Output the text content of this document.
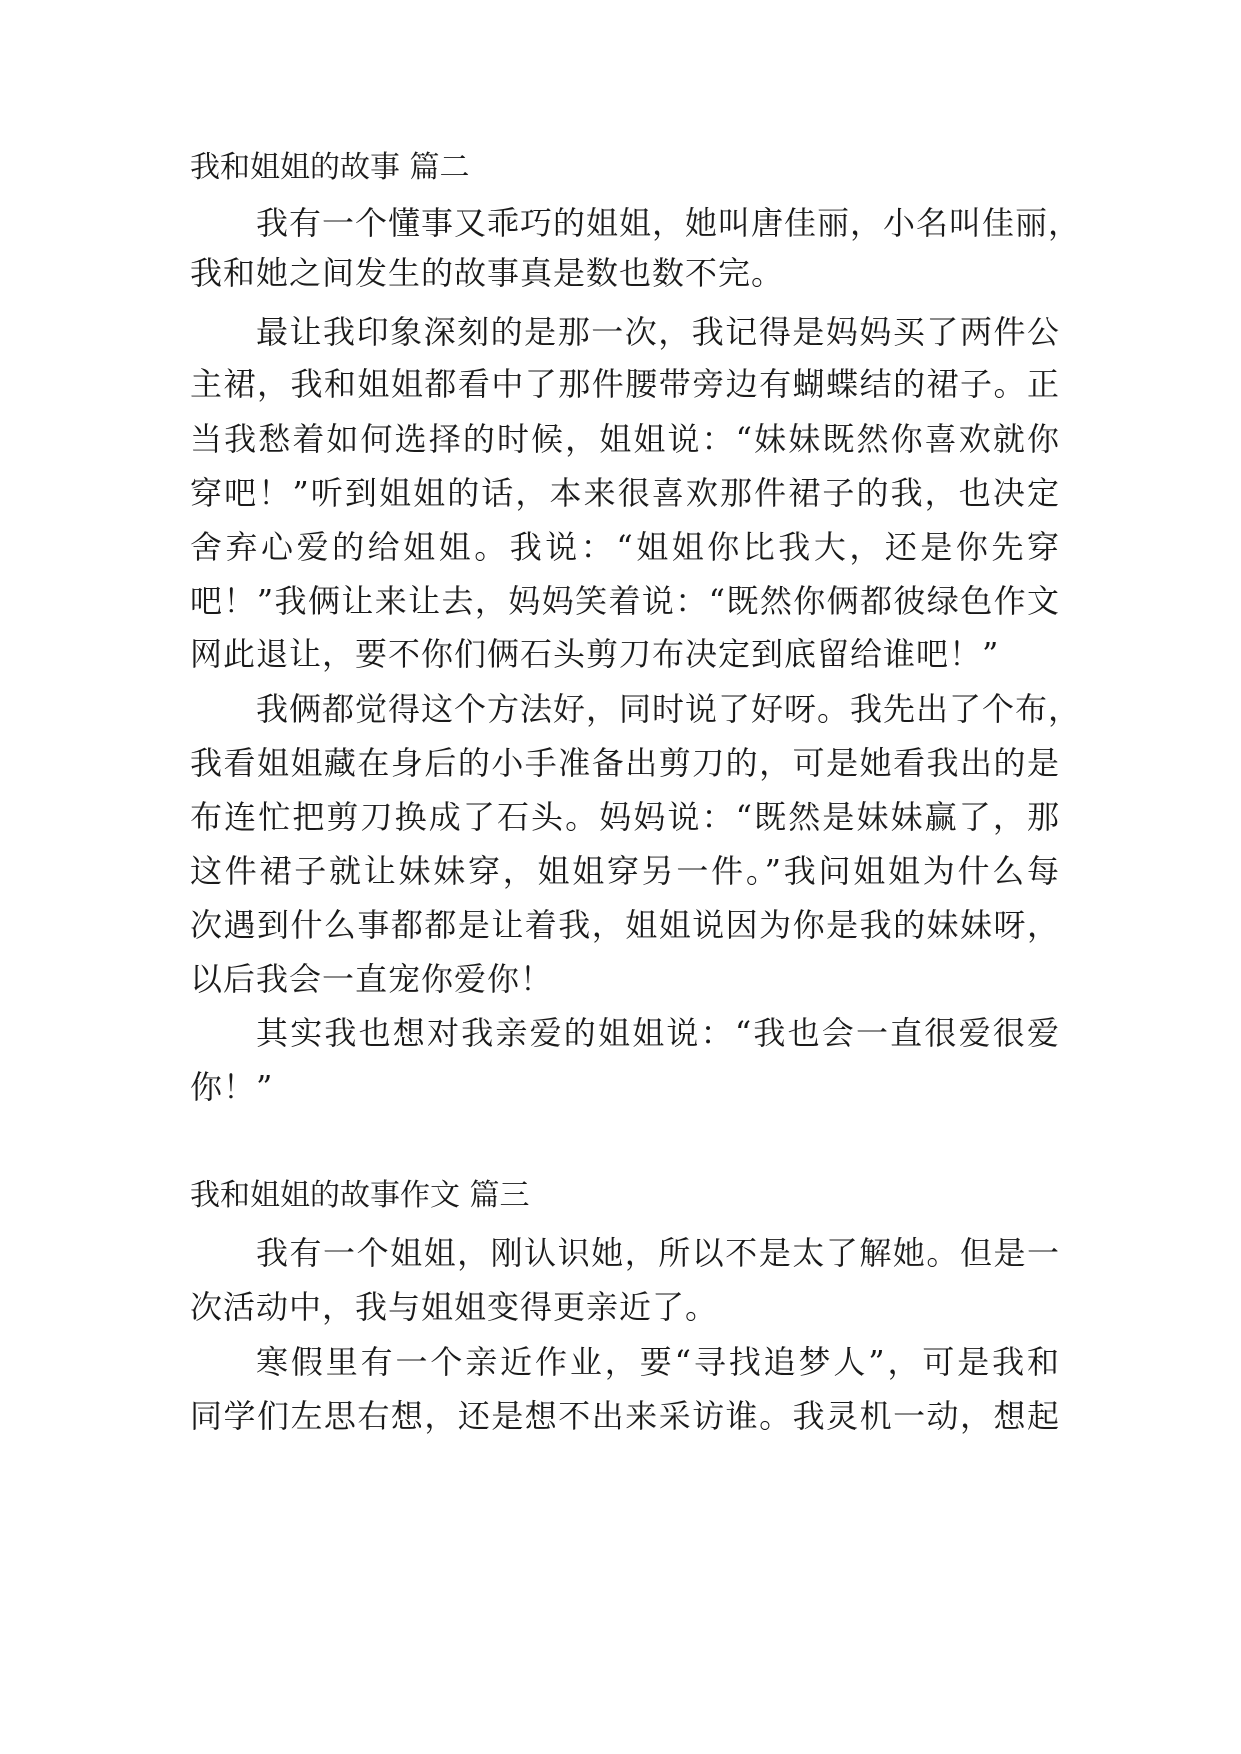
我和姐姐的故事 篇二
我有一个懂事又乖巧的姐姐，她叫唐佳丽，小名叫佳丽，
我和她之间发生的故事真是数也数不完。
最让我印象深刻的是那一次，我记得是妈妈买了两件公
主裙，我和姐姐都看中了那件腰带旁边有蝴蝶结的裙子。正
当我愁着如何选择的时候，姐姐说：“妹妹既然你喜欢就你
穿吧！”听到姐姐的话，本来很喜欢那件裙子的我，也决定
舍弃心爱的给姐姐。我说：“姐姐你比我大，还是你先穿
吧！”我俩让来让去，妈妈笑着说：“既然你俩都彼绿色作文
网此退让，要不你们俩石头剪刀布决定到底留给谁吧！”
我俩都觉得这个方法好，同时说了好呀。我先出了个布，
我看姐姐藏在身后的小手准备出剪刀的，可是她看我出的是
布连忙把剪刀换成了石头。妈妈说：“既然是妹妹赢了，那
这件裙子就让妹妹穿，姐姐穿另一件。”我问姐姐为什么每
次遇到什么事都都是让着我，姐姐说因为你是我的妹妹呀，
以后我会一直宠你爱你！
其实我也想对我亲爱的姐姐说：“我也会一直很爱很爱
你！”
我和姐姐的故事作文 篇三
我有一个姐姐，刚认识她，所以不是太了解她。但是一
次活动中，我与姐姐变得更亲近了。
寒假里有一个亲近作业，要“寻找追梦人”，可是我和
同学们左思右想，还是想不出来采访谁。我灵机一动，想起
